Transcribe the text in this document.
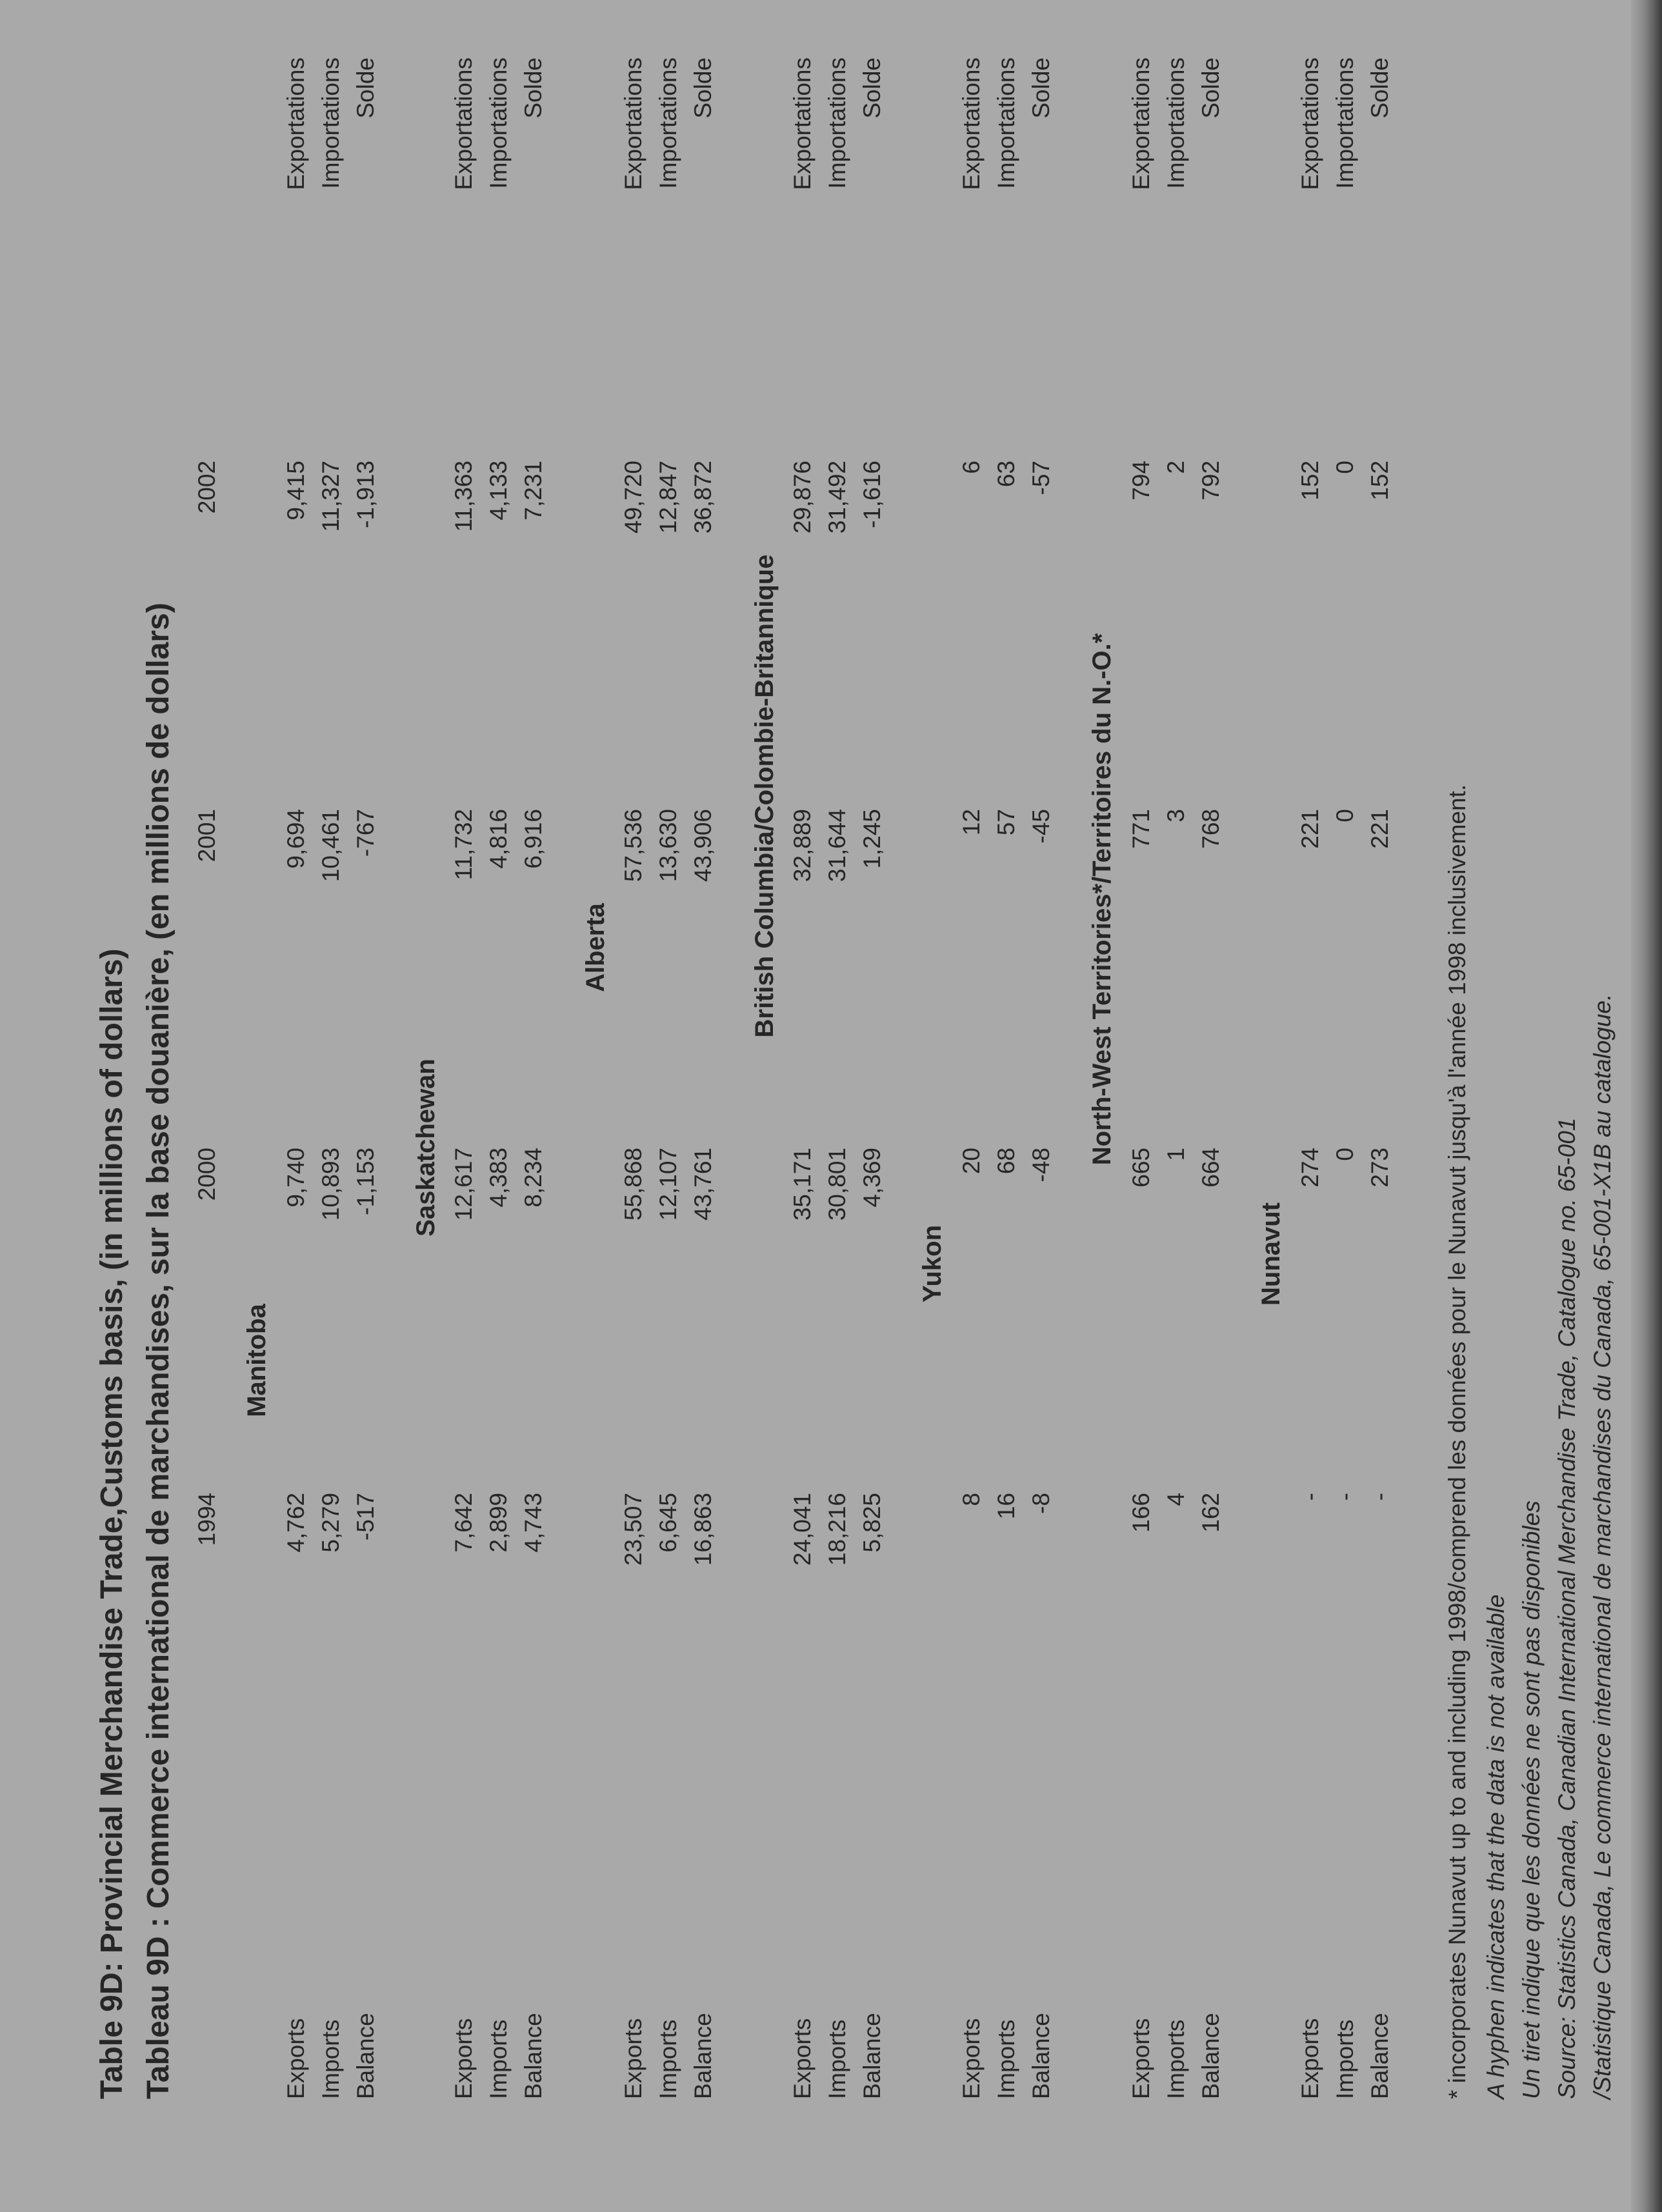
Table 9D: Provincial Merchandise Trade,Customs basis, (in millions of dollars) Tableau 9D : Commerce international de marchandises, sur la base douanière, (en millions de dollars) 1994
2000
2001
2002
Manitoba
Exports
4,762
9,740
9,694
9,415
Exportations
Imports
5,279
10,893
10,461
11,327
Importations
Balance
-517
-1,153
-767
-1,913
Solde
Saskatchewan
Exports
7,642
12,617
11,732
11,363
Exportations
Imports
2,899
4,383
4,816
4,133
Importations
Balance
4,743
8,234
6,916
7,231
Solde
Alberta
Exports
23,507
55,868
57,536
49,720
Exportations
Imports
6,645
12,107
13,630
12,847
Importations
Balance
16,863
43,761
43,906
36,872
Solde
British Columbia/Colombie-Britannique
Exports
24,041
35,171
32,889
29,876
Exportations
Imports
18,216
30,801
31,644
31,492
Importations
Balance
5,825
4,369
1,245
-1,616
Solde
Yukon
Exports
8
20
12
6
Exportations
Imports
16
68
57
63
Importations
Balance
-8
-48
-45
-57
Solde
North-West Territories*/Territoires du N.-O.*
Exports
166
665
771
794
Exportations
Imports
4
1
3
2
Importations
Balance
162
664
768
792
Solde
Nunavut
Exports
-
274
221
152
Exportations
Imports
-
0
0
0
Importations
Balance
-
273
221
152
Solde
* incorporates Nunavut up to and including 1998/comprend les données pour le Nunavut jusqu'à l'année 1998 inclusivement. A hyphen indicates that the data is not available Un tiret indique que les données ne sont pas disponibles Source: Statistics Canada, Canadian International Merchandise Trade, Catalogue no. 65-001 /Statistique Canada, Le commerce international de marchandises du Canada, 65-001-X1B au catalogue.
